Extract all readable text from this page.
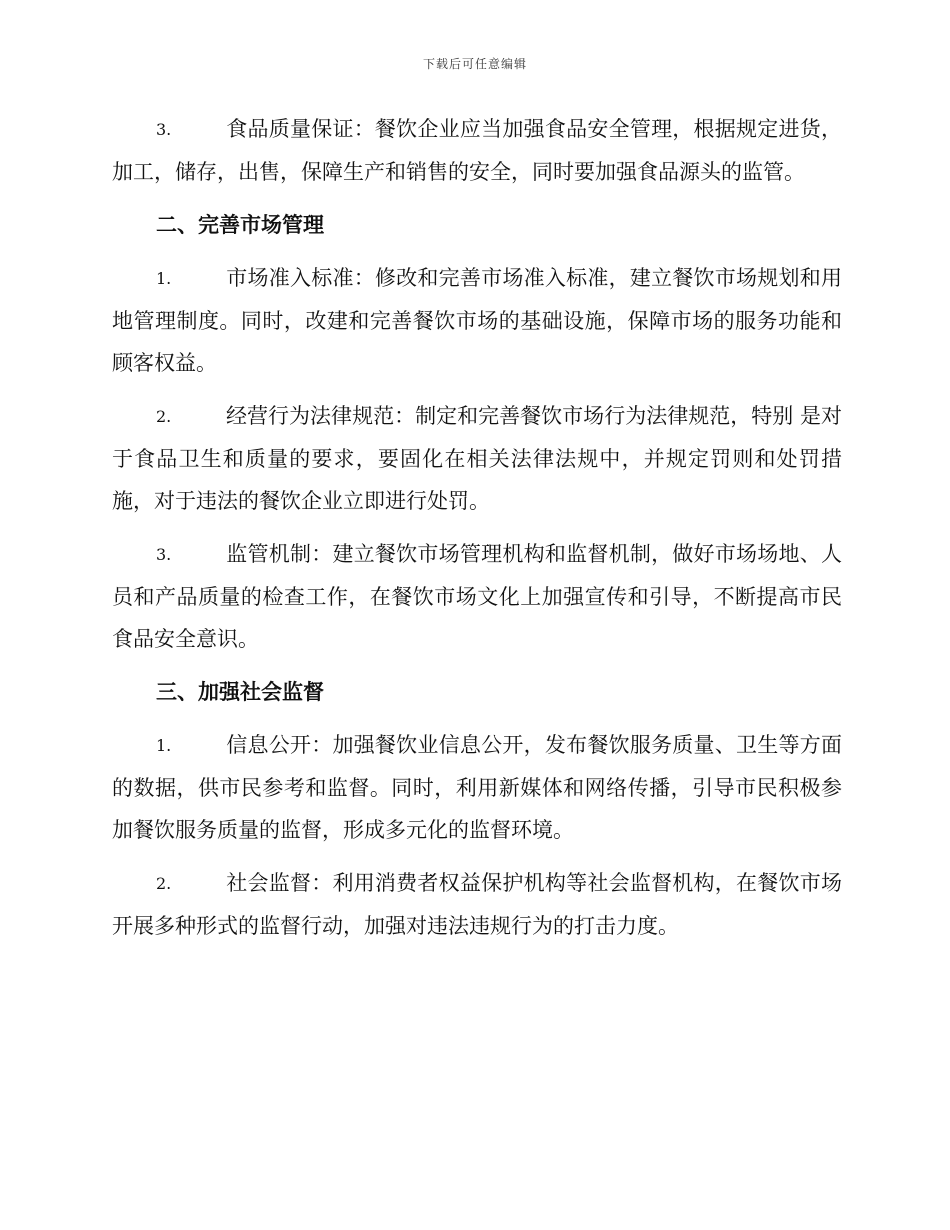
下载后可任意编辑

3.	食品质量保证：餐饮企业应当加强食品安全管理，根据规定进货，加工，储存，出售，保障生产和销售的安全，同时要加强食品源头的监管。

二、完善市场管理

1.	市场准入标准：修改和完善市场准入标准，建立餐饮市场规划和用地管理制度。同时，改建和完善餐饮市场的基础设施，保障市场的服务功能和顾客权益。

2.	经营行为法律规范：制定和完善餐饮市场行为法律规范，特别 是对于食品卫生和质量的要求，要固化在相关法律法规中，并规定罚则和处罚措施，对于违法的餐饮企业立即进行处罚。

3.	监管机制：建立餐饮市场管理机构和监督机制，做好市场场地、人员和产品质量的检查工作，在餐饮市场文化上加强宣传和引导，不断提高市民食品安全意识。

三、加强社会监督

1.	信息公开：加强餐饮业信息公开，发布餐饮服务质量、卫生等方面的数据，供市民参考和监督。同时，利用新媒体和网络传播，引导市民积极参加餐饮服务质量的监督，形成多元化的监督环境。

2.	社会监督：利用消费者权益保护机构等社会监督机构，在餐饮市场开展多种形式的监督行动，加强对违法违规行为的打击力度。
